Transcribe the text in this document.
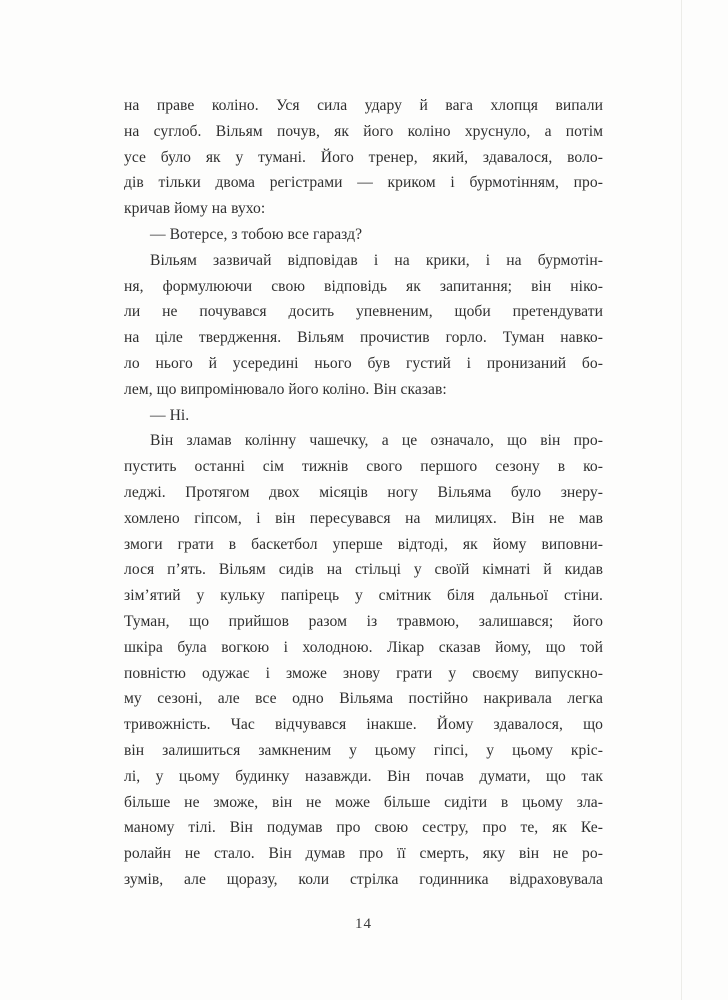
на праве коліно. Уся сила удару й вага хлопця випали
на суглоб. Вільям почув, як його коліно хруснуло, а потім
усе було як у тумані. Його тренер, який, здавалося, воло-
дів тільки двома регістрами — криком і бурмотінням, про-
кричав йому на вухо:
— Вотерсе, з тобою все гаразд?
Вільям зазвичай відповідав і на крики, і на бурмотін-
ня, формулюючи свою відповідь як запитання; він ніко-
ли не почувався досить упевненим, щоби претендувати
на ціле твердження. Вільям прочистив горло. Туман навко-
ло нього й усередині нього був густий і пронизаний бо-
лем, що випромінювало його коліно. Він сказав:
— Ні.
Він зламав колінну чашечку, а це означало, що він про-
пустить останні сім тижнів свого першого сезону в ко-
леджі. Протягом двох місяців ногу Вільяма було знеру-
хомлено гіпсом, і він пересувався на милицях. Він не мав
змоги грати в баскетбол уперше відтоді, як йому виповни-
лося п’ять. Вільям сидів на стільці у своїй кімнаті й кидав
зім’ятий у кульку папірець у смітник біля дальньої стіни.
Туман, що прийшов разом із травмою, залишався; його
шкіра була вогкою і холодною. Лікар сказав йому, що той
повністю одужає і зможе знову грати у своєму випускно-
му сезоні, але все одно Вільяма постійно накривала легка
тривожність. Час відчувався інакше. Йому здавалося, що
він залишиться замкненим у цьому гіпсі, у цьому кріс-
лі, у цьому будинку назавжди. Він почав думати, що так
більше не зможе, він не може більше сидіти в цьому зла-
маному тілі. Він подумав про свою сестру, про те, як Ке-
ролайн не стало. Він думав про її смерть, яку він не ро-
зумів, але щоразу, коли стрілка годинника відраховувала
14
